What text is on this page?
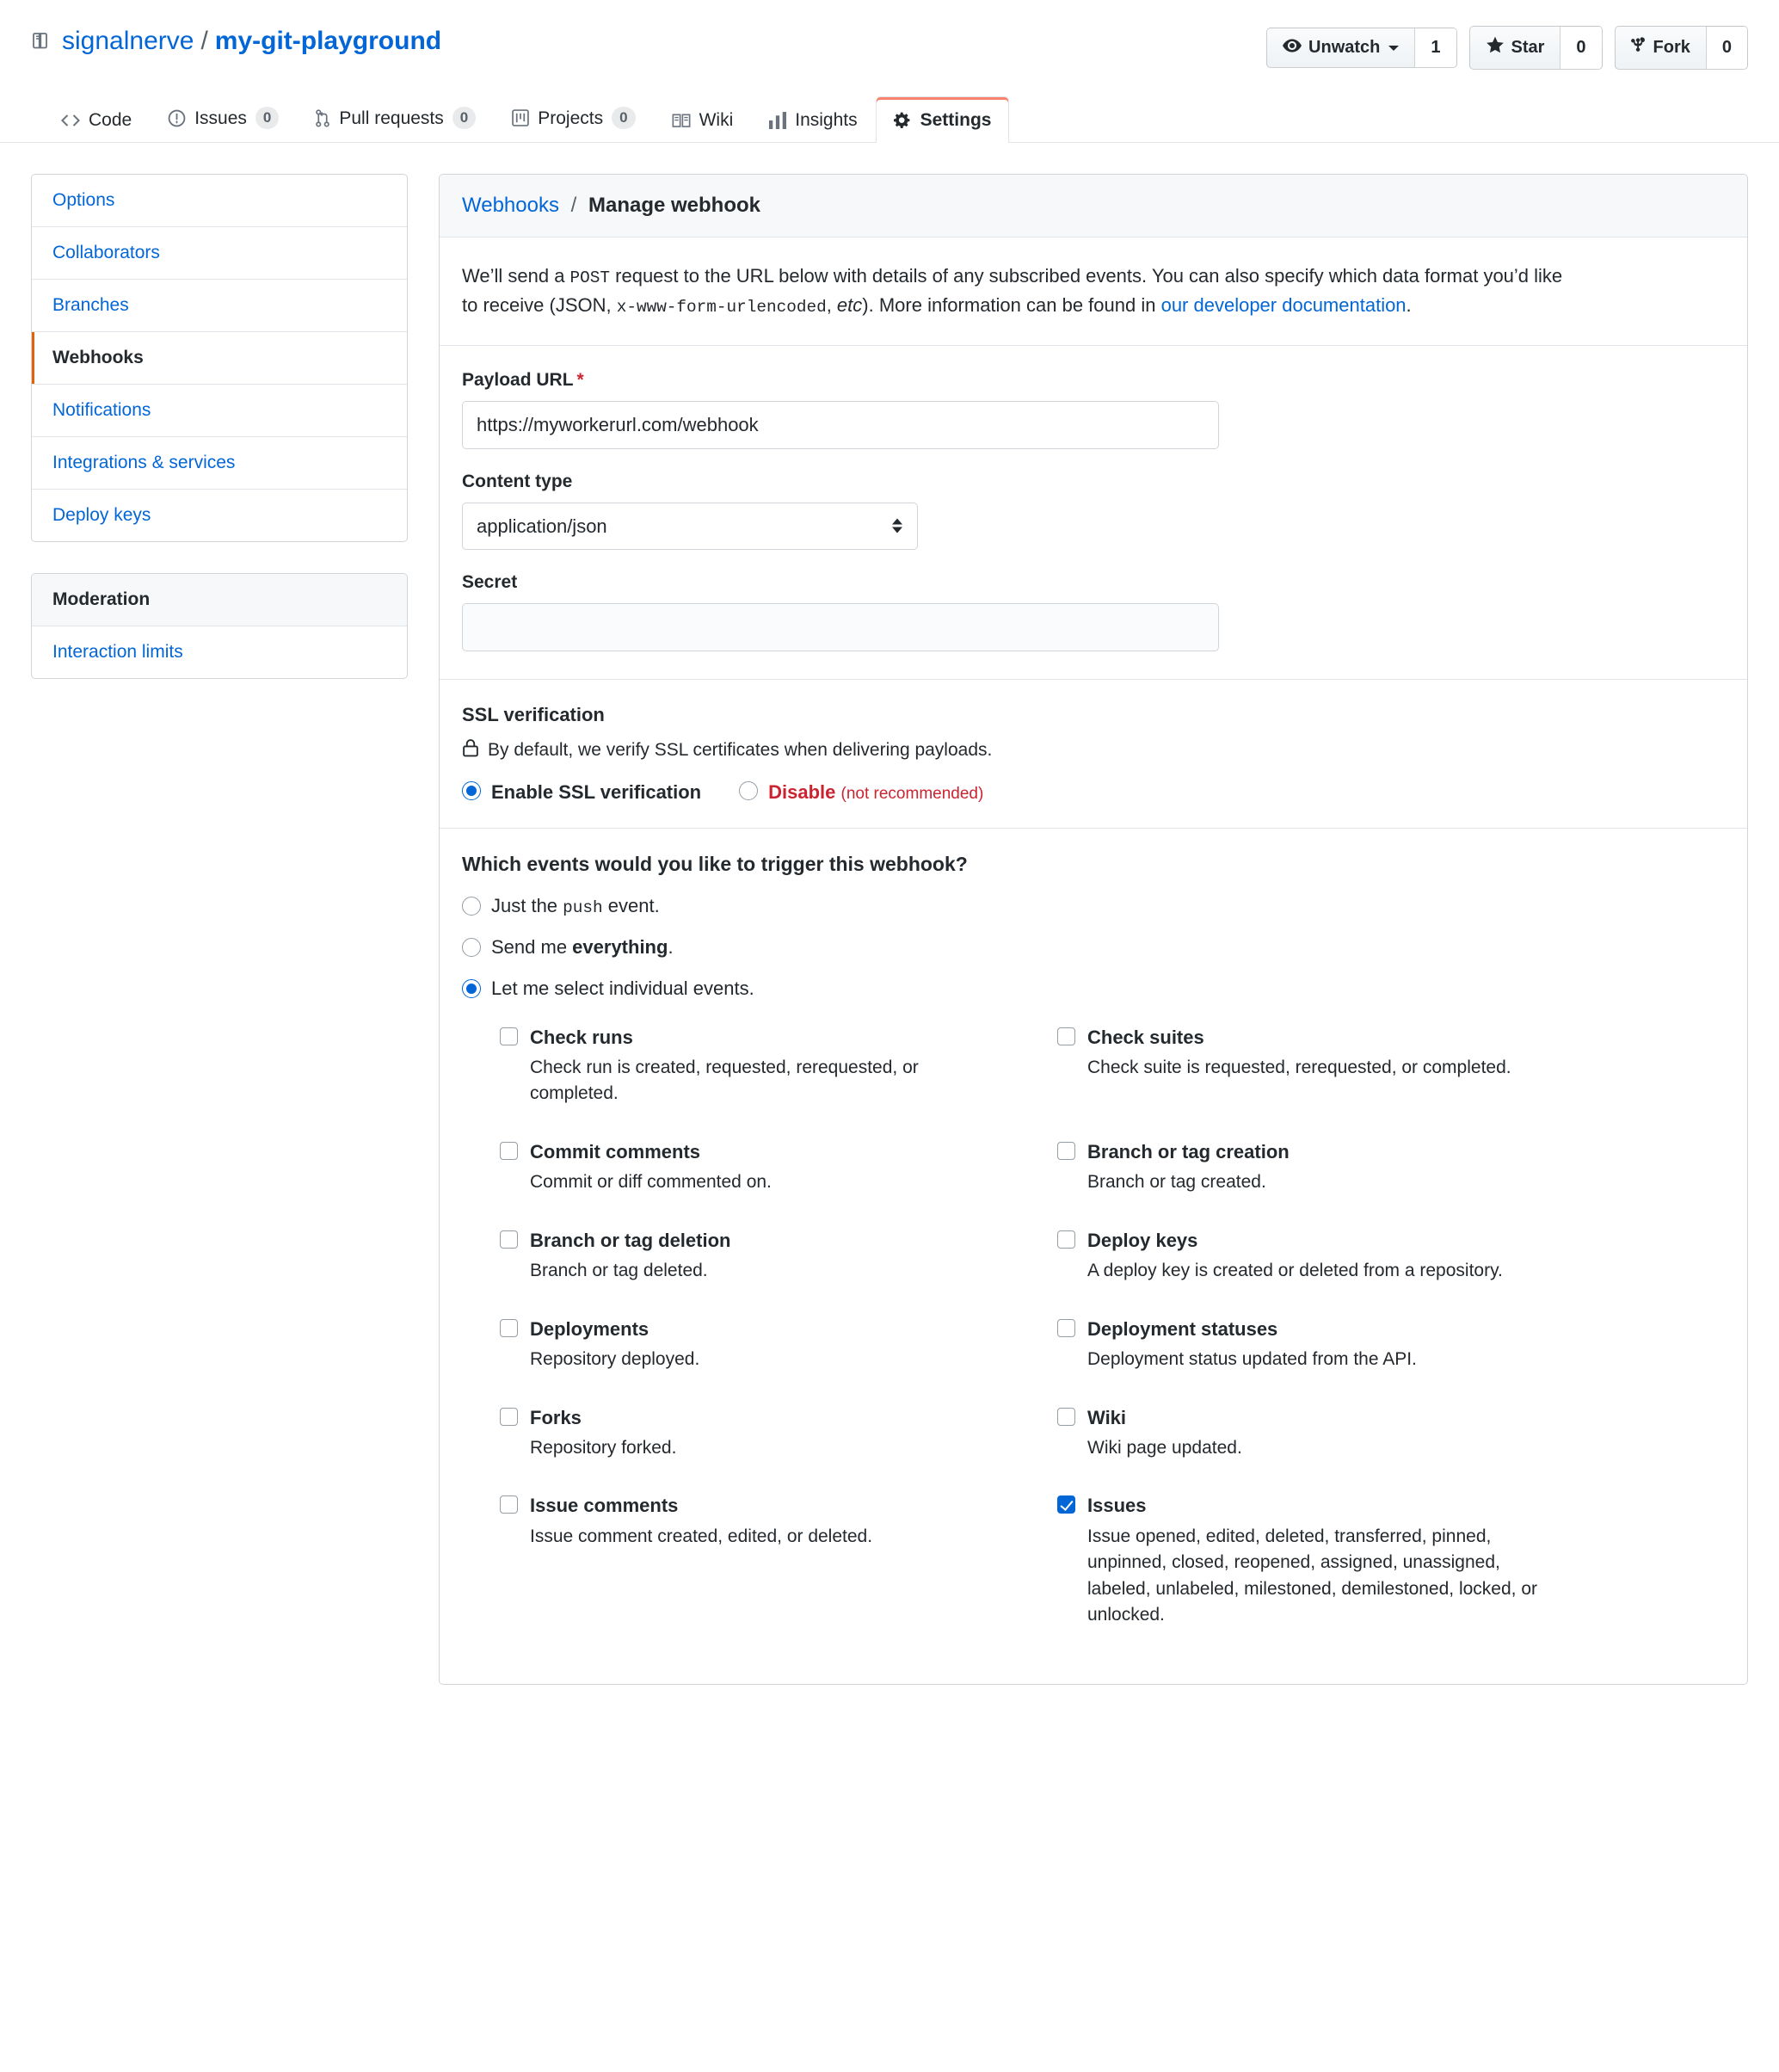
signalnerve / my-git-playground	Unwatch	1	Star	0	Fork	0
Code	Issues	0	Pull requests	0	Projects	0	Wiki	Insights	Settings
Options
Collaborators
Branches
Webhooks
Notifications
Integrations & services
Deploy keys
Moderation
Interaction limits
Webhooks / Manage webhook
We’ll send a POST request to the URL below with details of any subscribed events. You can also specify which data format you’d like to receive (JSON, x-www-form-urlencoded, etc). More information can be found in our developer documentation.
Payload URL *
https://myworkerurl.com/webhook
Content type
application/json
Secret
SSL verification
By default, we verify SSL certificates when delivering payloads.
Enable SSL verification	Disable (not recommended)
Which events would you like to trigger this webhook?
Just the push event.
Send me everything.
Let me select individual events.
Check runs
Check run is created, requested, rerequested, or completed.
Check suites
Check suite is requested, rerequested, or completed.
Commit comments
Commit or diff commented on.
Branch or tag creation
Branch or tag created.
Branch or tag deletion
Branch or tag deleted.
Deploy keys
A deploy key is created or deleted from a repository.
Deployments
Repository deployed.
Deployment statuses
Deployment status updated from the API.
Forks
Repository forked.
Wiki
Wiki page updated.
Issue comments
Issue comment created, edited, or deleted.
Issues
Issue opened, edited, deleted, transferred, pinned, unpinned, closed, reopened, assigned, unassigned, labeled, unlabeled, milestoned, demilestoned, locked, or unlocked.
